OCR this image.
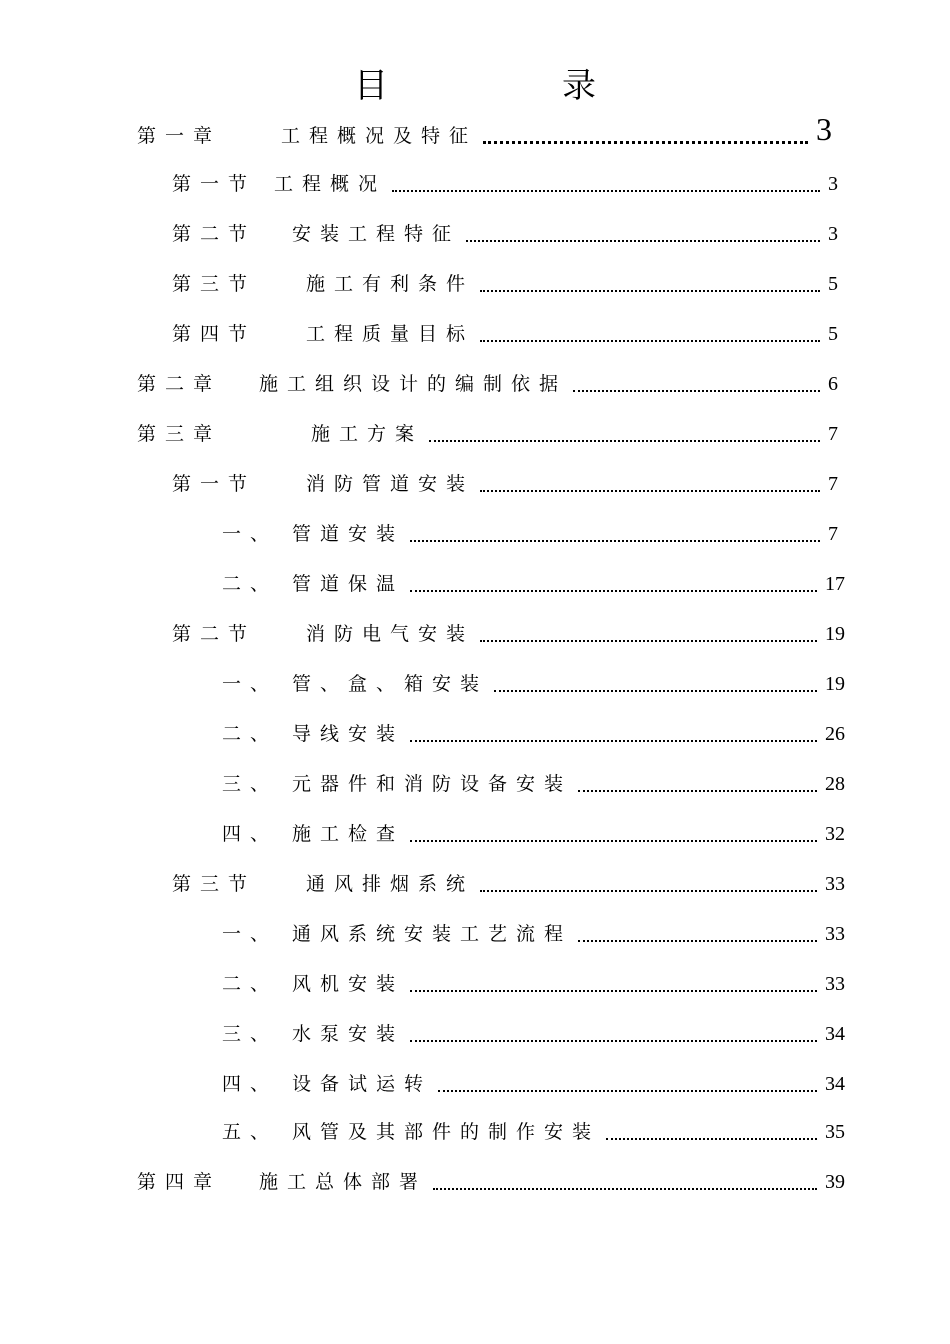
目　录
第一章	工程概况及特征	3
第一节 工程概况	3
第二节 安装工程特征	3
第三节	施工有利条件	5
第四节	工程质量目标	5
第二章 施工组织设计的编制依据	6
第三章	施工方案	7
第一节	消防管道安装	7
一、 管道安装	7
二、 管道保温	17
第二节	消防电气安装	19
一、 管、盒、箱安装	19
二、 导线安装	26
三、 元器件和消防设备安装	28
四、 施工检查	32
第三节	通风排烟系统	33
一、 通风系统安装工艺流程	33
二、 风机安装	33
三、 水泵安装	34
四、 设备试运转	34
五、 风管及其部件的制作安装	35
第四章 施工总体部署	39
